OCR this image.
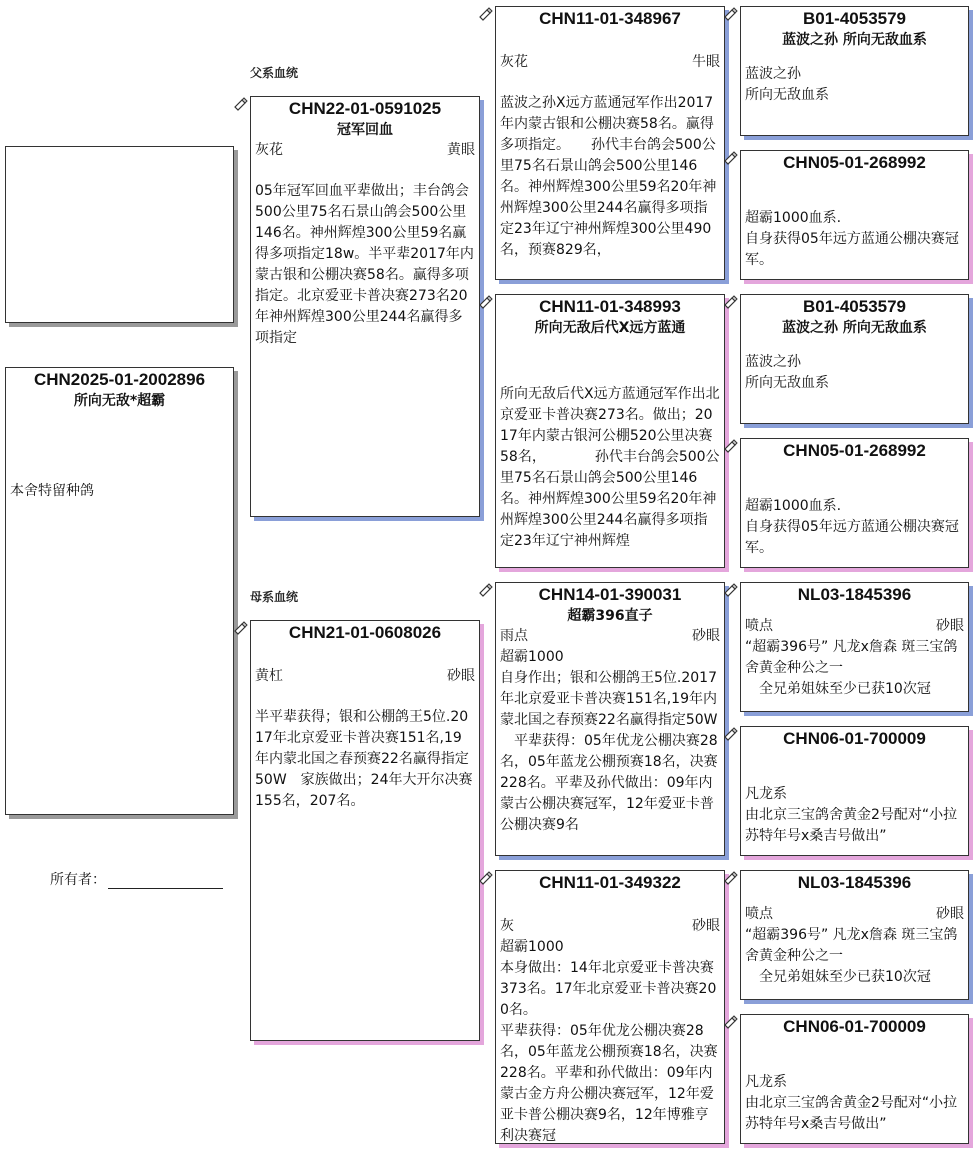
CHN2025-01-2002896
所向无敌*超霸
本舍特留种鸽
所有者：
父系血统
母系血统
CHN22-01-0591025
冠军回血
灰花	黄眼
05年冠军回血平辈做出；丰台鸽会500公里75名石景山鸽会500公里146名。神州辉煌300公里59名赢得多项指定18w。半平辈2017年内蒙古银和公棚决赛58名。赢得多项指定。北京爱亚卡普决赛273名20年神州辉煌300公里244名赢得多项指定
CHN21-01-0608026
黄杠	砂眼
半平辈获得；银和公棚鸽王5位.2017年北京爱亚卡普决赛151名,19年内蒙北国之春预赛22名赢得指定50W　家族做出；24年大开尔决赛155名，207名。
CHN11-01-348967
灰花	牛眼
蓝波之孙X远方蓝通冠军作出2017年内蒙古银和公棚决赛58名。赢得多项指定。　　孙代丰台鸽会500公里75名石景山鸽会500公里146名。神州辉煌300公里59名20年神州辉煌300公里244名赢得多项指定23年辽宁神州辉煌300公里490名，预赛829名，
CHN11-01-348993
所向无敌后代X远方蓝通
所向无敌后代X远方蓝通冠军作出北京爱亚卡普决赛273名。做出；2017年内蒙古银河公棚520公里决赛58名，　　　　孙代丰台鸽会500公里75名石景山鸽会500公里146名。神州辉煌300公里59名20年神州辉煌300公里244名赢得多项指定23年辽宁神州辉煌
CHN14-01-390031
超霸396直子
雨点	砂眼
超霸1000
自身作出；银和公棚鸽王5位.2017年北京爱亚卡普决赛151名,19年内蒙北国之春预赛22名赢得指定50W
　平辈获得：05年优龙公棚决赛28名，05年蓝龙公棚预赛18名，决赛228名。平辈及孙代做出：09年内蒙古公棚决赛冠军，12年爱亚卡普公棚决赛9名
CHN11-01-349322
灰	砂眼
超霸1000
本身做出：14年北京爱亚卡普决赛373名。17年北京爱亚卡普决赛200名。
平辈获得：05年优龙公棚决赛28名，05年蓝龙公棚预赛18名，决赛228名。平辈和孙代做出：09年内蒙古金方舟公棚决赛冠军，12年爱亚卡普公棚决赛9名，12年博雅亨利决赛冠
B01-4053579
蓝波之孙 所向无敌血系
蓝波之孙
所向无敌血系
CHN05-01-268992
超霸1000血系.
自身获得05年远方蓝通公棚决赛冠军。
B01-4053579
蓝波之孙 所向无敌血系
蓝波之孙
所向无敌血系
CHN05-01-268992
超霸1000血系.
自身获得05年远方蓝通公棚决赛冠军。
NL03-1845396
喷点	砂眼
“超霸396号” 凡龙x詹森 斑三宝鸽舍黄金种公之一
　全兄弟姐妹至少已获10次冠
CHN06-01-700009
凡龙系
由北京三宝鸽舍黄金2号配对“小拉苏特年号x桑吉号做出”
NL03-1845396
喷点	砂眼
“超霸396号” 凡龙x詹森 斑三宝鸽舍黄金种公之一
　全兄弟姐妹至少已获10次冠
CHN06-01-700009
凡龙系
由北京三宝鸽舍黄金2号配对“小拉苏特年号x桑吉号做出”
